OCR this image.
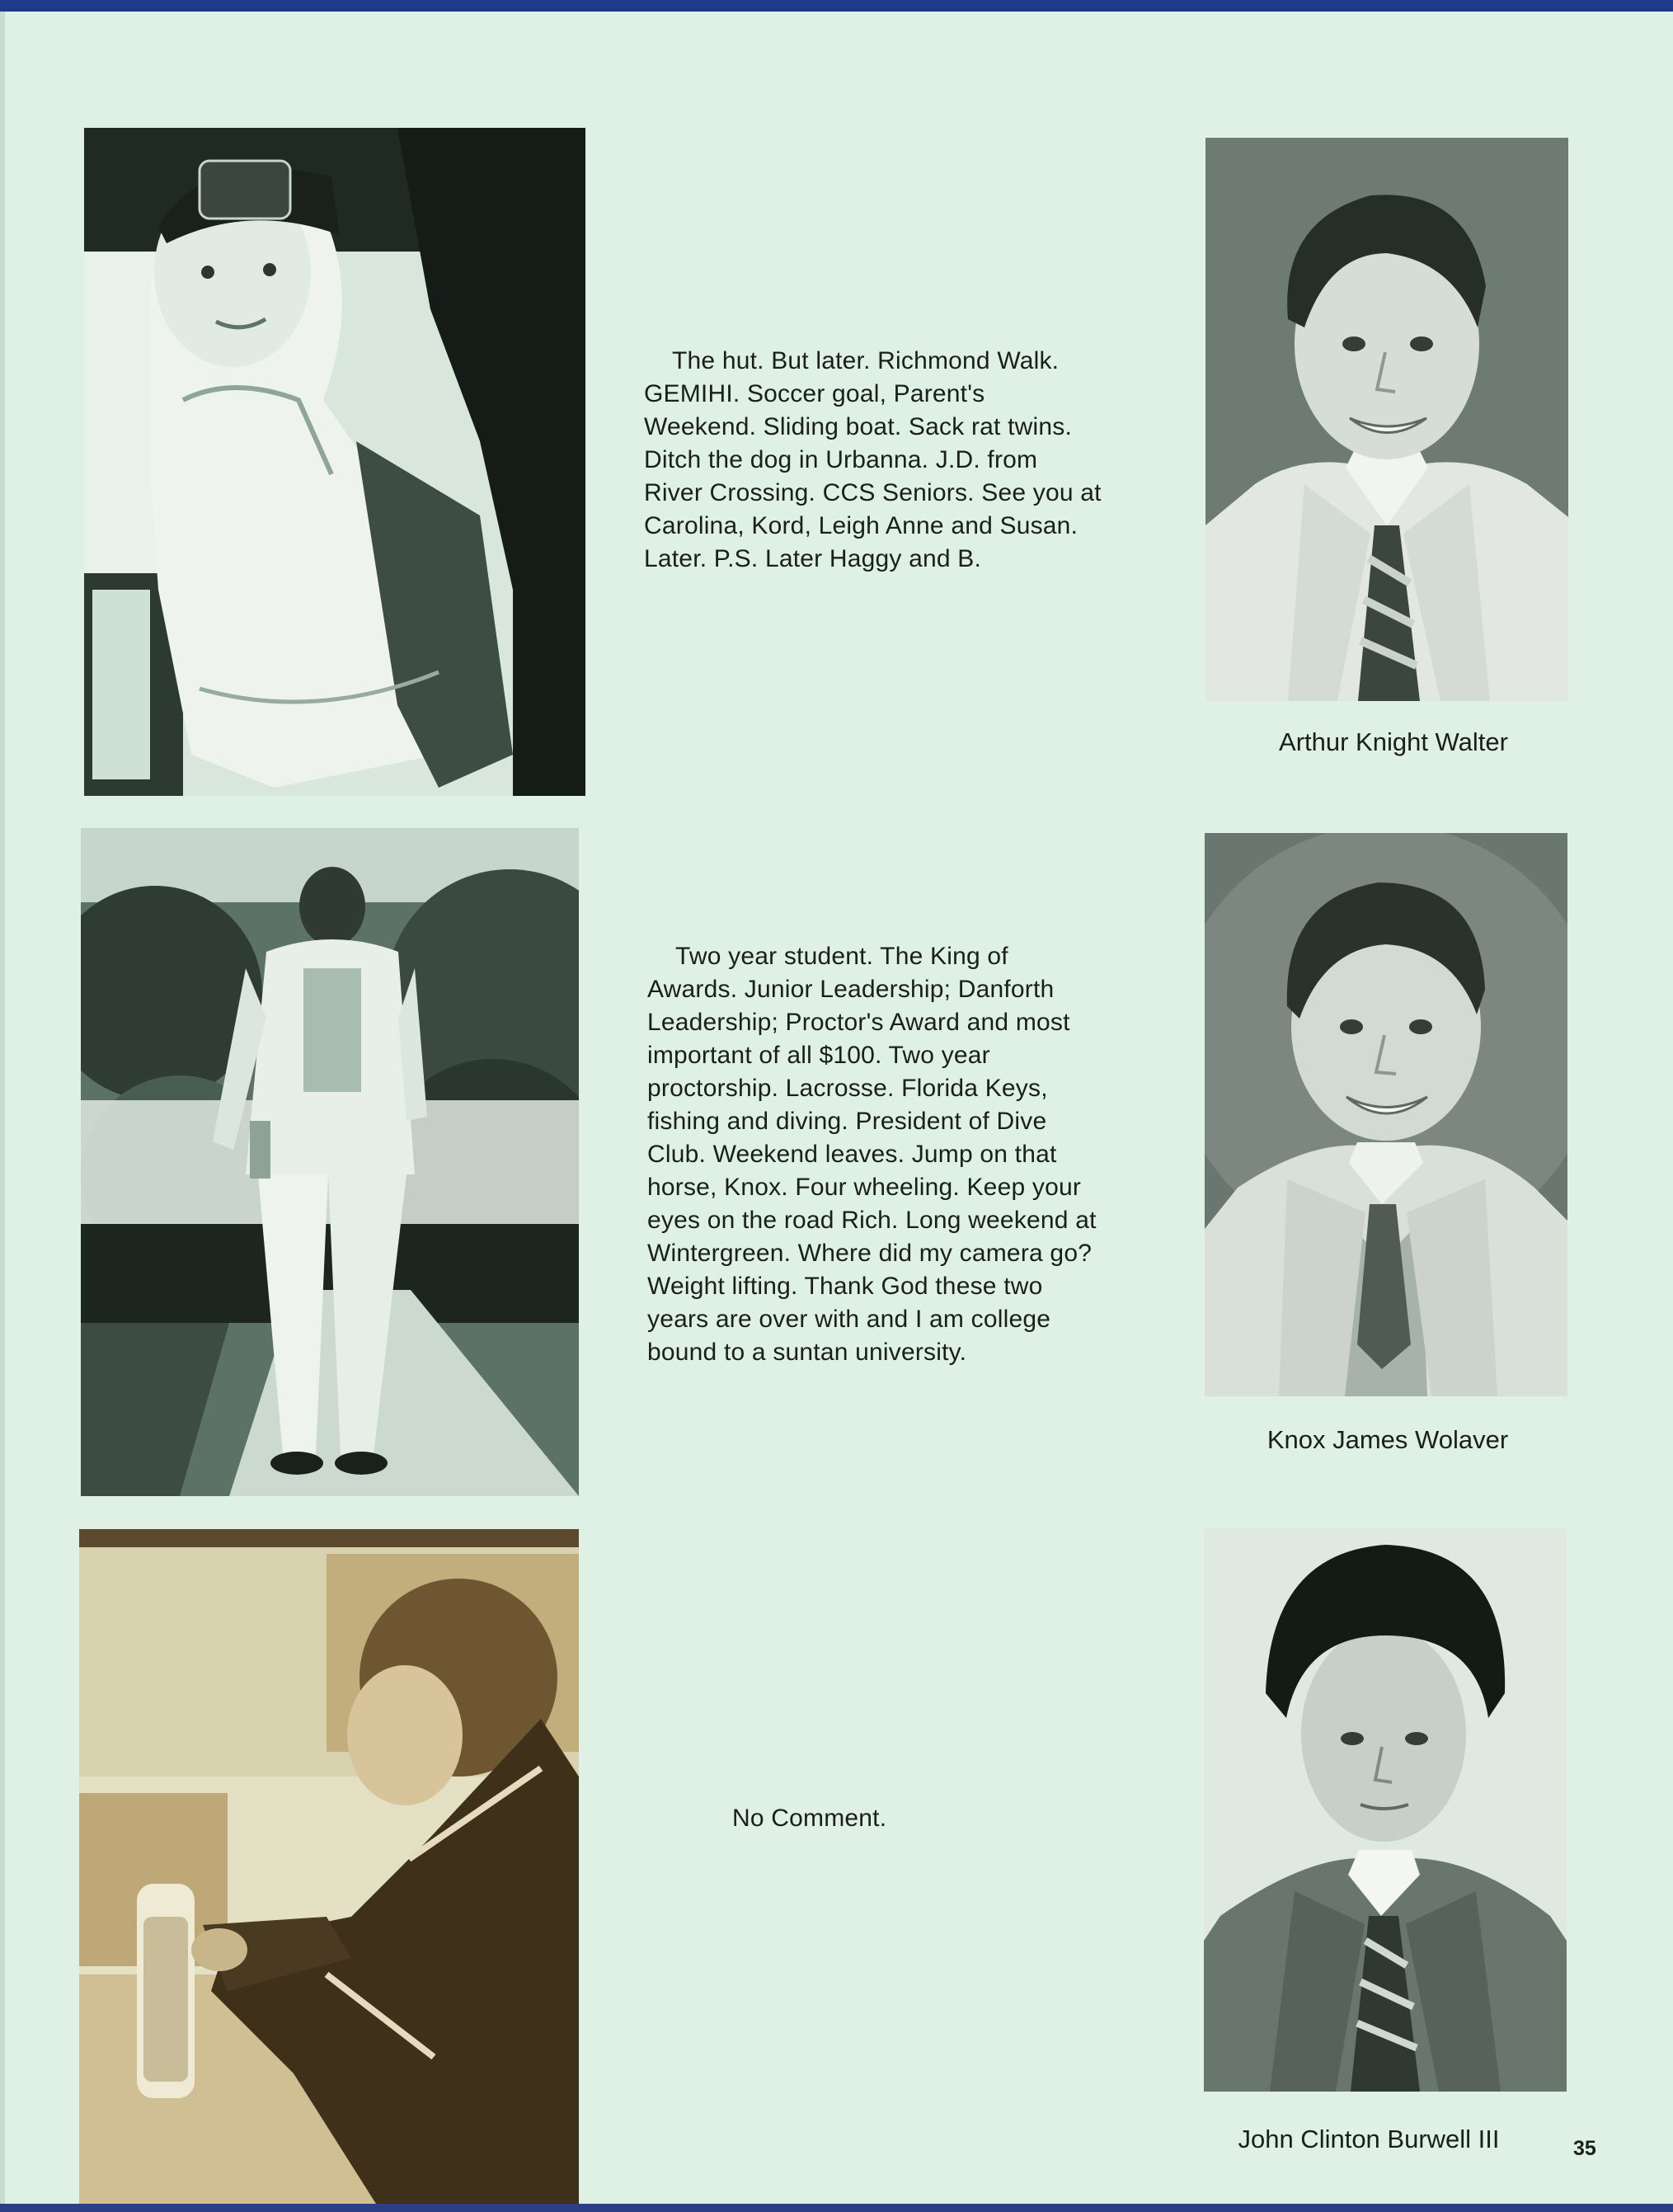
The hut. But later. Richmond Walk.
GEMIHI. Soccer goal, Parent's
Weekend. Sliding boat. Sack rat twins.
Ditch the dog in Urbanna. J.D. from
River Crossing. CCS Seniors. See you at
Carolina, Kord, Leigh Anne and Susan.
Later. P.S. Later Haggy and B.
Two year student. The King of
Awards. Junior Leadership; Danforth
Leadership; Proctor's Award and most
important of all $100. Two year
proctorship. Lacrosse. Florida Keys,
fishing and diving. President of Dive
Club. Weekend leaves. Jump on that
horse, Knox. Four wheeling. Keep your
eyes on the road Rich. Long weekend at
Wintergreen. Where did my camera go?
Weight lifting. Thank God these two
years are over with and I am college
bound to a suntan university.
No Comment.
Arthur Knight Walter
Knox James Wolaver
John Clinton Burwell III	35
